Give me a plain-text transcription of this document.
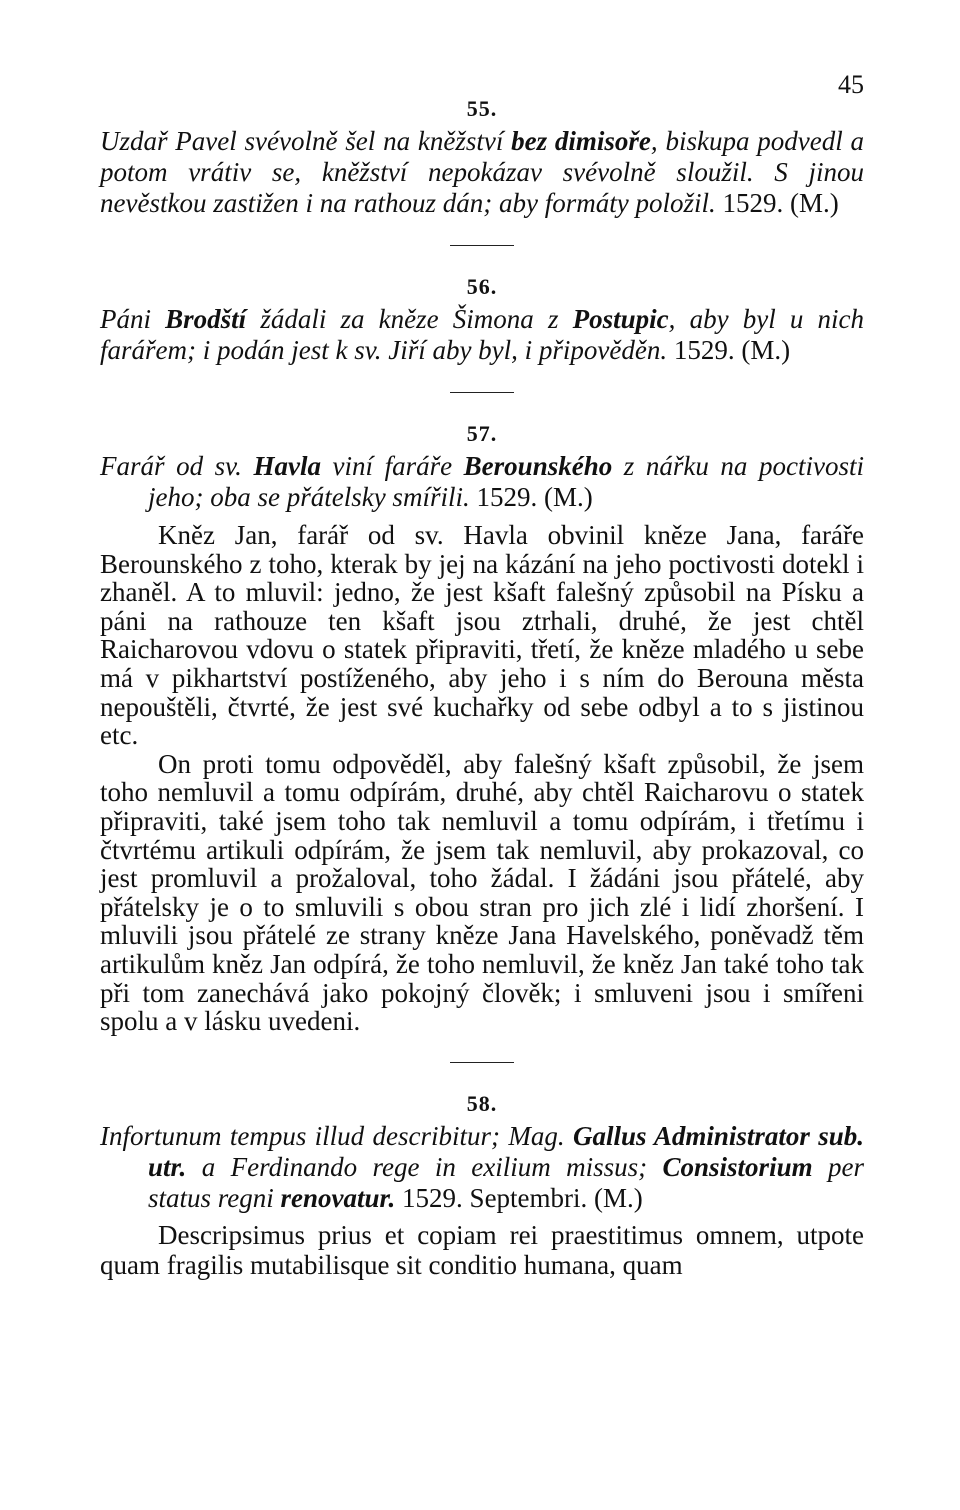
45
55.

Uzdař Pavel svévolně šel na kněžství bez dimisoře, biskupa podvedl a potom vrátiv se, kněžství nepokázav svévolně sloužil. S jinou nevěstkou zastižen i na rathouz dán; aby formáty položil. 1529. (M.)

56.

Páni Brodští žádali za kněze Šimona z Postupic, aby byl u nich farářem; i podán jest k sv. Jiří aby byl, i připověděn. 1529. (M.)

57.

Farář od sv. Havla viní faráře Berounského z nářku na poctivosti jeho; oba se přátelsky smířili. 1529. (M.)

Kněz Jan, farář od sv. Havla obvinil kněze Jana, faráře Berounského z toho, kterak by jej na kázání na jeho poctivosti dotekl i zhaněl. A to mluvil: jedno, že jest kšaft falešný způsobil na Písku a páni na rathouze ten kšaft jsou ztrhali, druhé, že jest chtěl Raicharovou vdovu o statek připraviti, třetí, že kněze mladého u sebe má v pikhartství postíženého, aby jeho i s ním do Berouna města nepouštěli, čtvrté, že jest své kuchařky od sebe odbyl a to s jistinou etc.

On proti tomu odpověděl, aby falešný kšaft způsobil, že jsem toho nemluvil a tomu odpírám, druhé, aby chtěl Raicharovu o statek připraviti, také jsem toho tak nemluvil a tomu odpírám, i třetímu i čtvrtému artikuli odpírám, že jsem tak nemluvil, aby prokazoval, co jest promluvil a prožaloval, toho žádal. I žádáni jsou přátelé, aby přátelsky je o to smluvili s obou stran pro jich zlé i lidí zhoršení. I mluvili jsou přátelé ze strany kněze Jana Havelského, poněvadž těm artikulům kněz Jan odpírá, že toho nemluvil, že kněz Jan také toho tak při tom zanechává jako pokojný člověk; i smluveni jsou i smířeni spolu a v lásku uvedeni.

58.

Infortunum tempus illud describitur; Mag. Gallus Administrator sub. utr. a Ferdinando rege in exilium missus; Consistorium per status regni renovatur. 1529. Septembri. (M.)

Descripsimus prius et copiam rei praestitimus omnem, utpote quam fragilis mutabilisque sit conditio humana, quam
